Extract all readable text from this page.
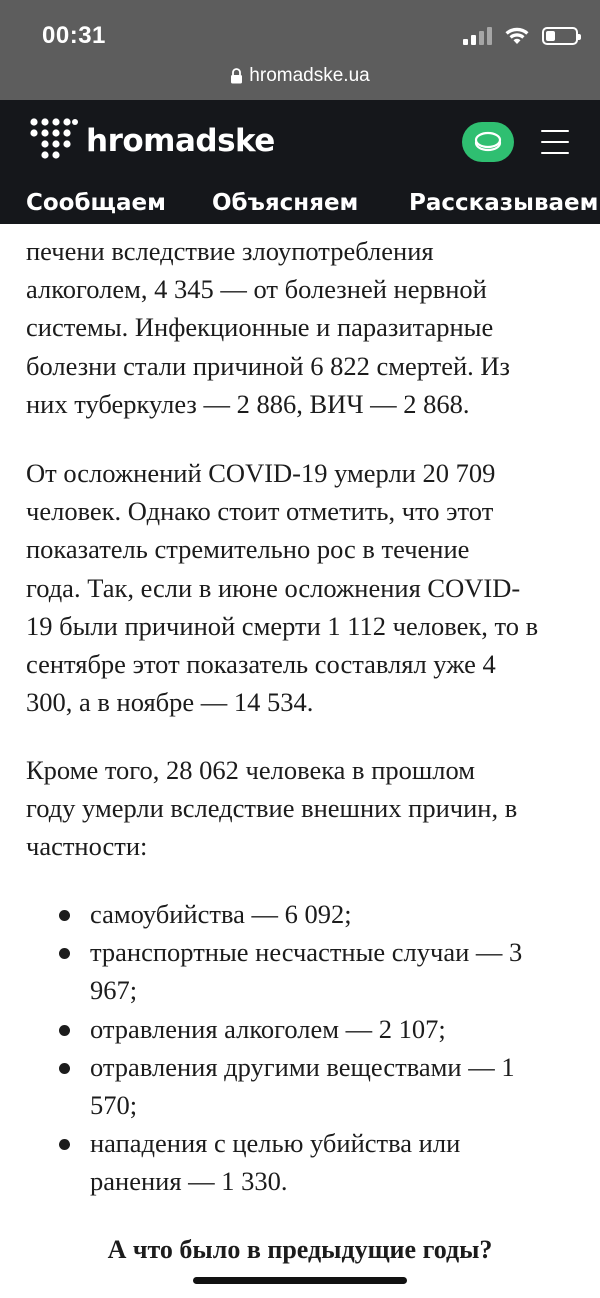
00:31
hromadske.ua
hromadske
Сообщаем Объясняем Рассказываем
печени вследствие злоупотребления
алкоголем, 4 345 — от болезней нервной
системы. Инфекционные и паразитарные
болезни стали причиной 6 822 смертей. Из
них туберкулез — 2 886, ВИЧ — 2 868.
От осложнений COVID-19 умерли 20 709
человек. Однако стоит отметить, что этот
показатель стремительно рос в течение
года. Так, если в июне осложнения COVID-
19 были причиной смерти 1 112 человек, то в
сентябре этот показатель составлял уже 4
300, а в ноябре — 14 534.
Кроме того, 28 062 человека в прошлом
году умерли вследствие внешних причин, в
частности:
самоубийства — 6 092;
транспортные несчастные случаи — 3
967;
отравления алкоголем — 2 107;
отравления другими веществами — 1
570;
нападения с целью убийства или
ранения — 1 330.
А что было в предыдущие годы?
